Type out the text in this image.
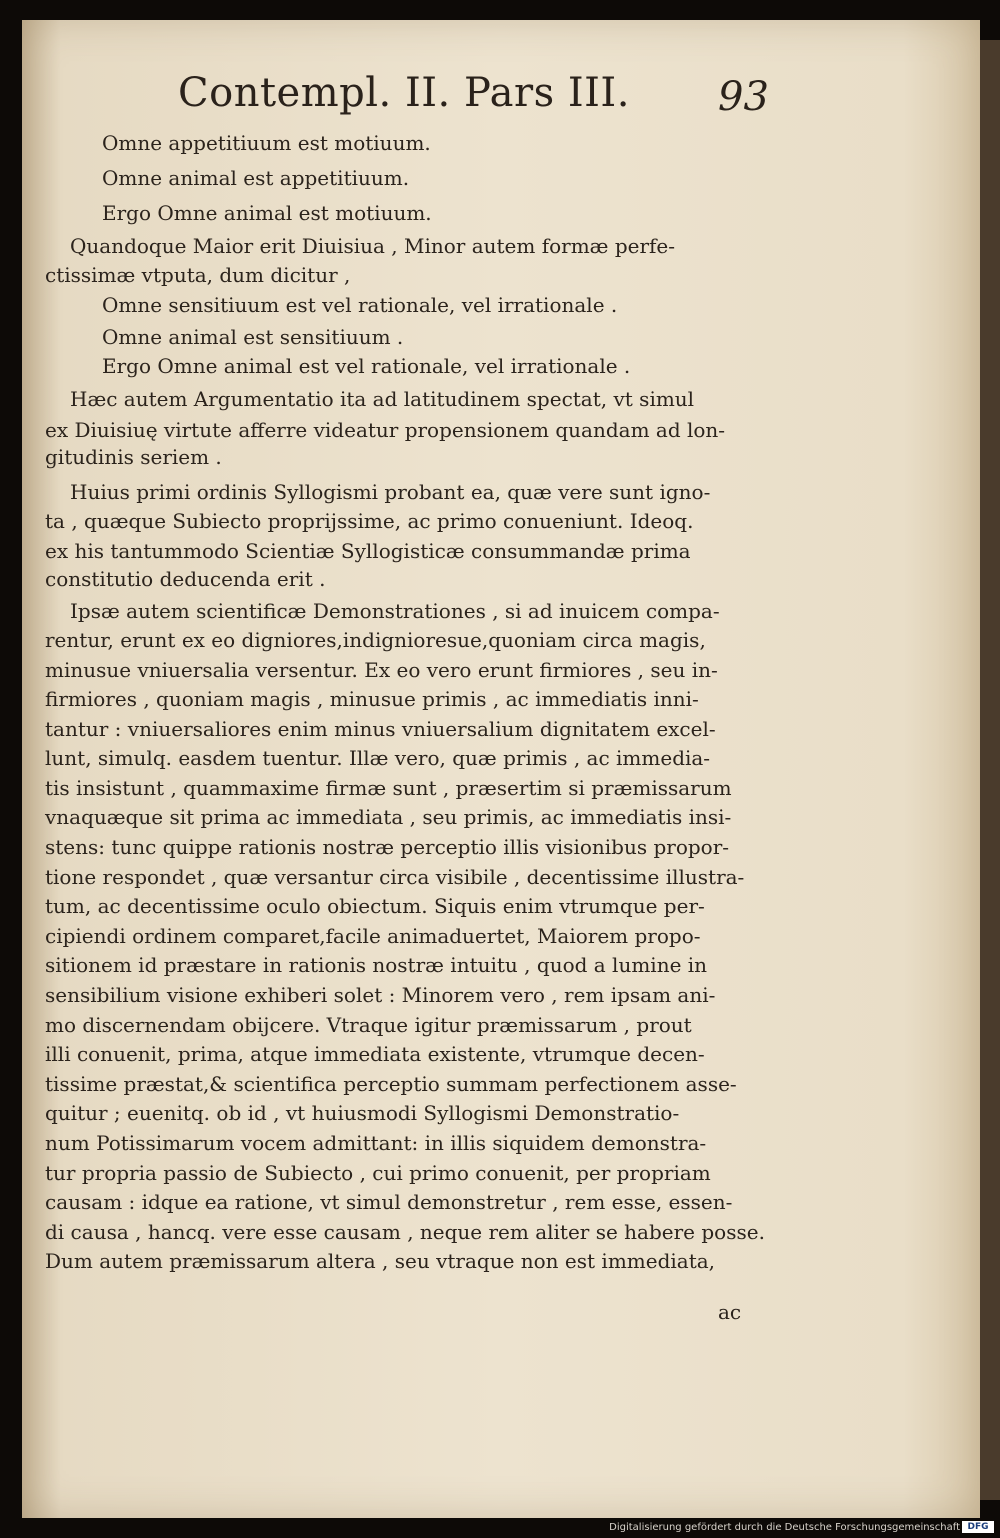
Contempl. II. Pars III. 93
Omne appetitiuum est motiuum.
Omne animal est appetitiuum.
Ergo Omne animal est motiuum.
Quandoque Maior erit Diuisiua , Minor autem formæ perfe-
ctissimæ vtputa, dum dicitur ,
Omne sensitiuum est vel rationale, vel irrationale .
Omne animal est sensitiuum .
Ergo Omne animal est vel rationale, vel irrationale .
Hæc autem Argumentatio ita ad latitudinem spectat, vt simul
ex Diuisiuę virtute afferre videatur propensionem quandam ad lon-
gitudinis seriem .
Huius primi ordinis Syllogismi probant ea, quæ vere sunt igno-
ta , quæque Subiecto proprijssime, ac primo conueniunt. Ideoq.
ex his tantummodo Scientiæ Syllogisticæ consummandæ prima
constitutio deducenda erit .
Ipsæ autem scientificæ Demonstrationes , si ad inuicem compa-
rentur, erunt ex eo digniores,indignioresue,quoniam circa magis,
minusue vniuersalia versentur. Ex eo vero erunt firmiores , seu in-
firmiores , quoniam magis , minusue primis , ac immediatis inni-
tantur : vniuersaliores enim minus vniuersalium dignitatem excel-
lunt, simulq. easdem tuentur. Illæ vero, quæ primis , ac immedia-
tis insistunt , quammaxime firmæ sunt , præsertim si præmissarum
vnaquæque sit prima ac immediata , seu primis, ac immediatis insi-
stens: tunc quippe rationis nostræ perceptio illis visionibus propor-
tione respondet , quæ versantur circa visibile , decentissime illustra-
tum, ac decentissime oculo obiectum. Siquis enim vtrumque per-
cipiendi ordinem comparet,facile animaduertet, Maiorem propo-
sitionem id præstare in rationis nostræ intuitu , quod a lumine in
sensibilium visione exhiberi solet : Minorem vero , rem ipsam ani-
mo discernendam obijcere. Vtraque igitur præmissarum , prout
illi conuenit, prima, atque immediata existente, vtrumque decen-
tissime præstat,& scientifica perceptio summam perfectionem asse-
quitur ; euenitq. ob id , vt huiusmodi Syllogismi Demonstratio-
num Potissimarum vocem admittant: in illis siquidem demonstra-
tur propria passio de Subiecto , cui primo conuenit, per propriam
causam : idque ea ratione, vt simul demonstretur , rem esse, essen-
di causa , hancq. vere esse causam , neque rem aliter se habere posse.
Dum autem præmissarum altera , seu vtraque non est immediata,
ac
Digitalisierung gefördert durch die Deutsche Forschungsgemeinschaft DFG
